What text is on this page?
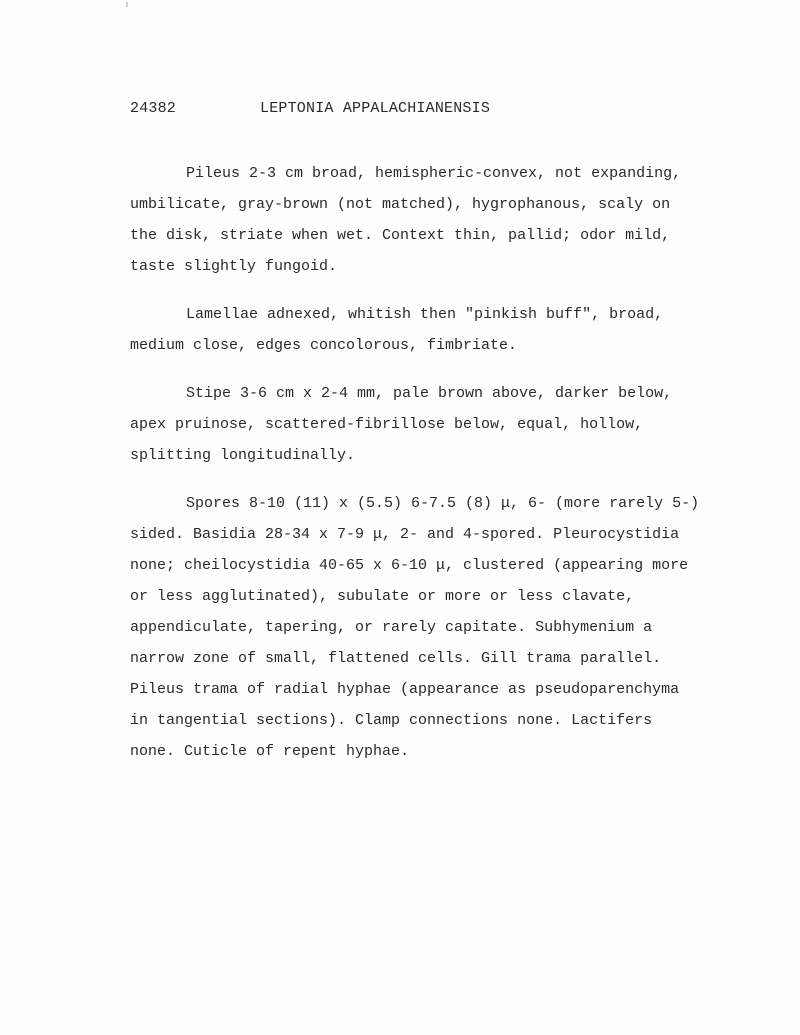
24382	LEPTONIA APPALACHIANENSIS
Pileus 2-3 cm broad, hemispheric-convex, not expanding,
umbilicate, gray-brown (not matched), hygrophanous, scaly on
the disk, striate when wet. Context thin, pallid; odor mild,
taste slightly fungoid.
Lamellae adnexed, whitish then "pinkish buff", broad,
medium close, edges concolorous, fimbriate.
Stipe 3-6 cm x 2-4 mm, pale brown above, darker below,
apex pruinose, scattered-fibrillose below, equal, hollow,
splitting longitudinally.
Spores 8-10 (11) x (5.5) 6-7.5 (8) μ, 6- (more rarely 5-)
sided. Basidia 28-34 x 7-9 μ, 2- and 4-spored. Pleurocystidia
none; cheilocystidia 40-65 x 6-10 μ, clustered (appearing more
or less agglutinated), subulate or more or less clavate,
appendiculate, tapering, or rarely capitate. Subhymenium a
narrow zone of small, flattened cells. Gill trama parallel.
Pileus trama of radial hyphae (appearance as pseudoparenchyma
in tangential sections). Clamp connections none. Lactifers
none. Cuticle of repent hyphae.
